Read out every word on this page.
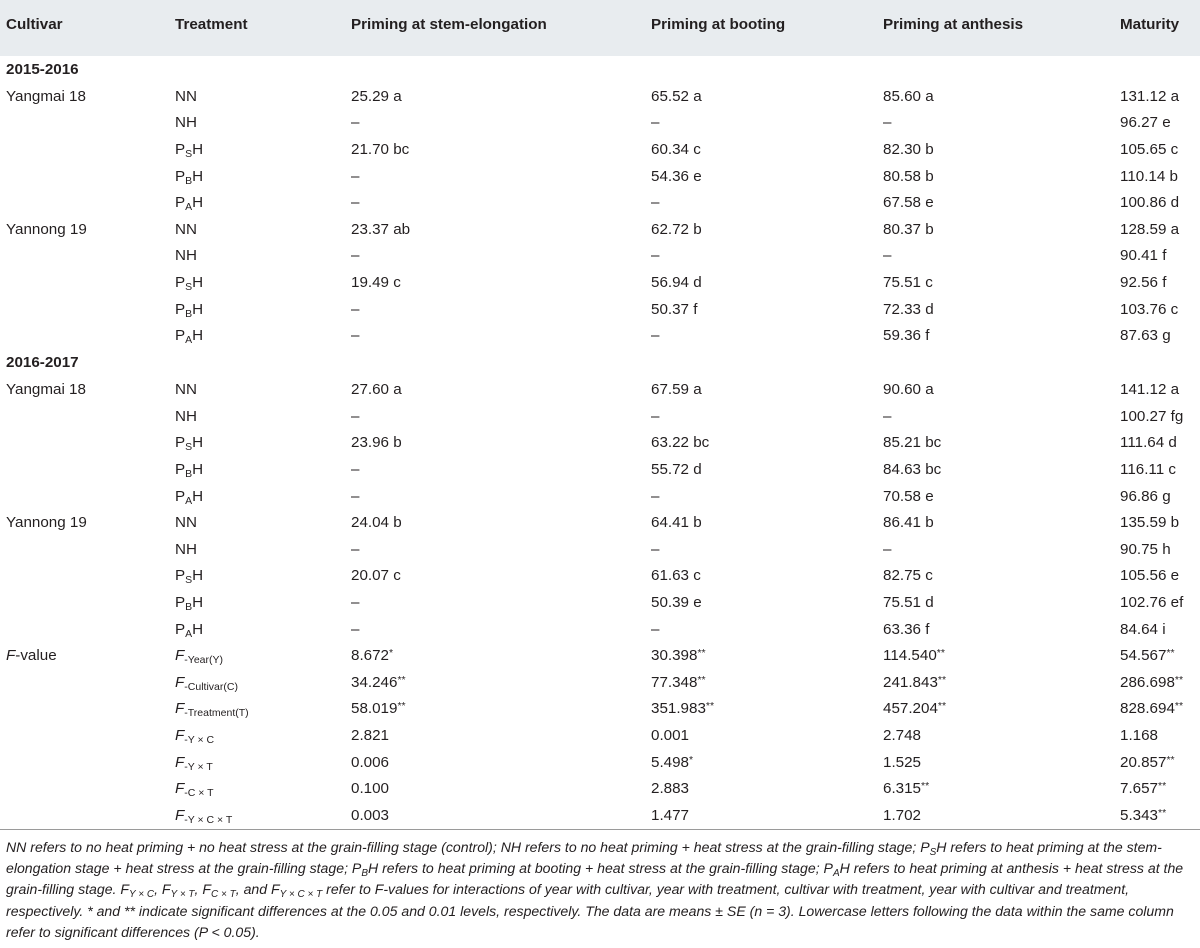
Cultivar	Treatment	Priming at stem-elongation	Priming at booting	Priming at anthesis	Maturity
2015-2016					
Yangmai 18	NN	25.29 a	65.52 a	85.60 a	131.12 a
	NH	–	–	–	96.27 e
	$P_SH$	21.70 bc	60.34 c	82.30 b	105.65 c
	$P_BH$	–	54.36 e	80.58 b	110.14 b
	$P_AH$	–	–	67.58 e	100.86 d
Yannong 19	NN	23.37 ab	62.72 b	80.37 b	128.59 a
	NH	–	–	–	90.41 f
	$P_SH$	19.49 c	56.94 d	75.51 c	92.56 f
	$P_BH$	–	50.37 f	72.33 d	103.76 c
	$P_AH$	–	–	59.36 f	87.63 g
2016-2017					
Yangmai 18	NN	27.60 a	67.59 a	90.60 a	141.12 a
	NH	–	–	–	100.27 fg
	$P_SH$	23.96 b	63.22 bc	85.21 bc	111.64 d
	$P_BH$	–	55.72 d	84.63 bc	116.11 c
	$P_AH$	–	–	70.58 e	96.86 g
Yannong 19	NN	24.04 b	64.41 b	86.41 b	135.59 b
	NH	–	–	–	90.75 h
	$P_SH$	20.07 c	61.63 c	82.75 c	105.56 e
	$P_BH$	–	50.39 e	75.51 d	102.76 ef
	$P_AH$	–	–	63.36 f	84.64 i
F-value	$F_{-Year(Y)}$	8.672*	30.398**	114.540**	54.567**
	$F_{-Cultivar(C)}$	34.246**	77.348**	241.843**	286.698**
	$F_{-Treatment(T)}$	58.019**	351.983**	457.204**	828.694**
	$F_{-Y \times C}$	2.821	0.001	2.748	1.168
	$F_{-Y \times T}$	0.006	5.498*	1.525	20.857**
	$F_{-C \times T}$	0.100	2.883	6.315**	7.657**
	$F_{-Y \times C \times T}$	0.003	1.477	1.702	5.343**

NN refers to no heat priming + no heat stress at the grain-filling stage (control); NH refers to no heat priming + heat stress at the grain-filling stage; $P_SH$ refers to heat priming at the stem-elongation stage + heat stress at the grain-filling stage; $P_BH$ refers to heat priming at booting + heat stress at the grain-filling stage; $P_AH$ refers to heat priming at anthesis + heat stress at the grain-filling stage. $F_{Y \times C}$, $F_{Y \times T}$, $F_{C \times T}$, and $F_{Y \times C \times T}$ refer to F-values for interactions of year with cultivar, year with treatment, cultivar with treatment, year with cultivar and treatment, respectively. * and ** indicate significant differences at the 0.05 and 0.01 levels, respectively. The data are means ± SE (n = 3). Lowercase letters following the data within the same column refer to significant differences (P < 0.05).
